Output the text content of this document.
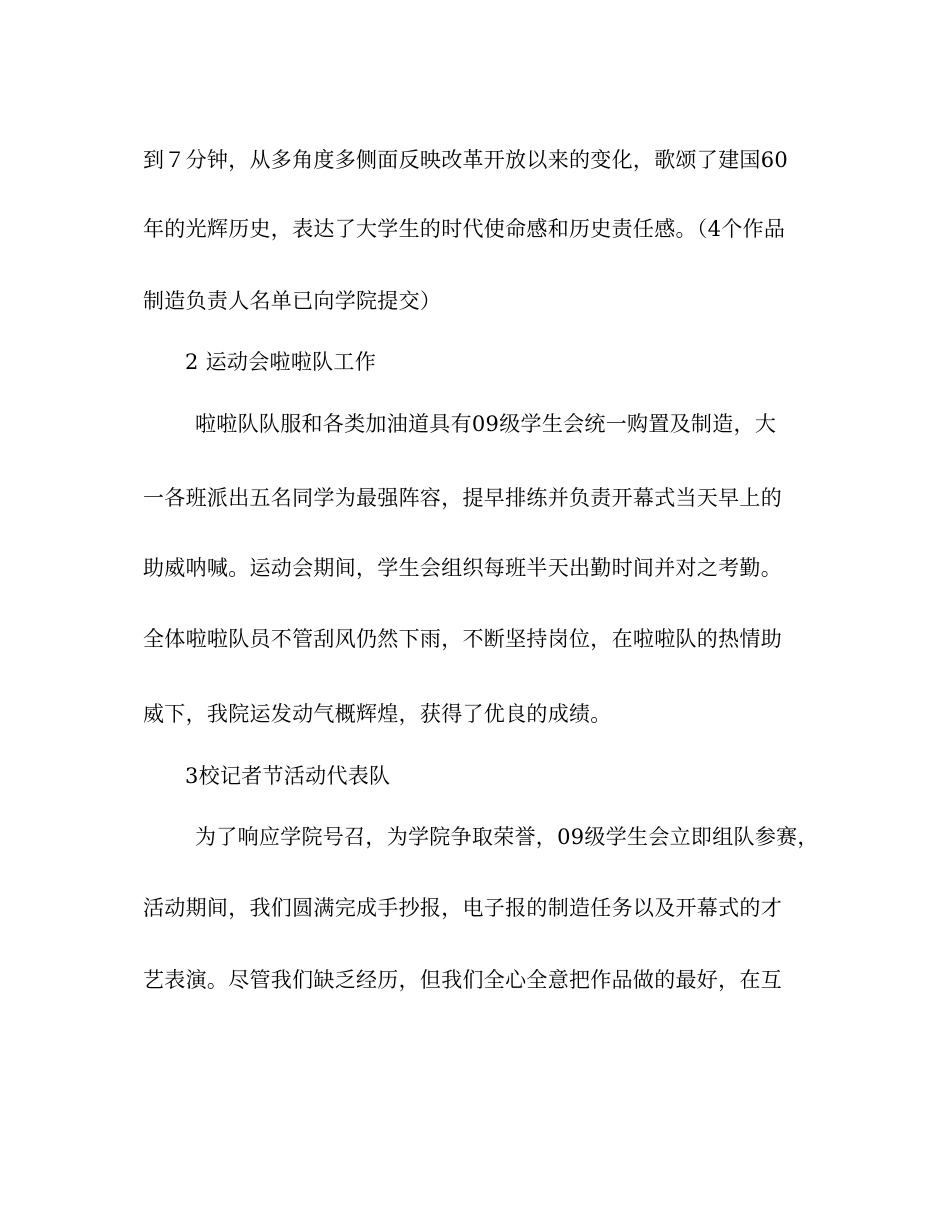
到７分钟，从多角度多侧面反映改革开放以来的变化，歌颂了建国60
年的光辉历史，表达了大学生的时代使命感和历史责任感。（4个作品
制造负责人名单已向学院提交）
2 运动会啦啦队工作
啦啦队队服和各类加油道具有09级学生会统一购置及制造，大
一各班派出五名同学为最强阵容，提早排练并负责开幕式当天早上的
助威呐喊。运动会期间，学生会组织每班半天出勤时间并对之考勤。
全体啦啦队员不管刮风仍然下雨，不断坚持岗位，在啦啦队的热情助
威下，我院运发动气概辉煌，获得了优良的成绩。
3校记者节活动代表队
为了响应学院号召，为学院争取荣誉，09级学生会立即组队参赛，
活动期间，我们圆满完成手抄报，电子报的制造任务以及开幕式的才
艺表演。尽管我们缺乏经历，但我们全心全意把作品做的最好，在互
